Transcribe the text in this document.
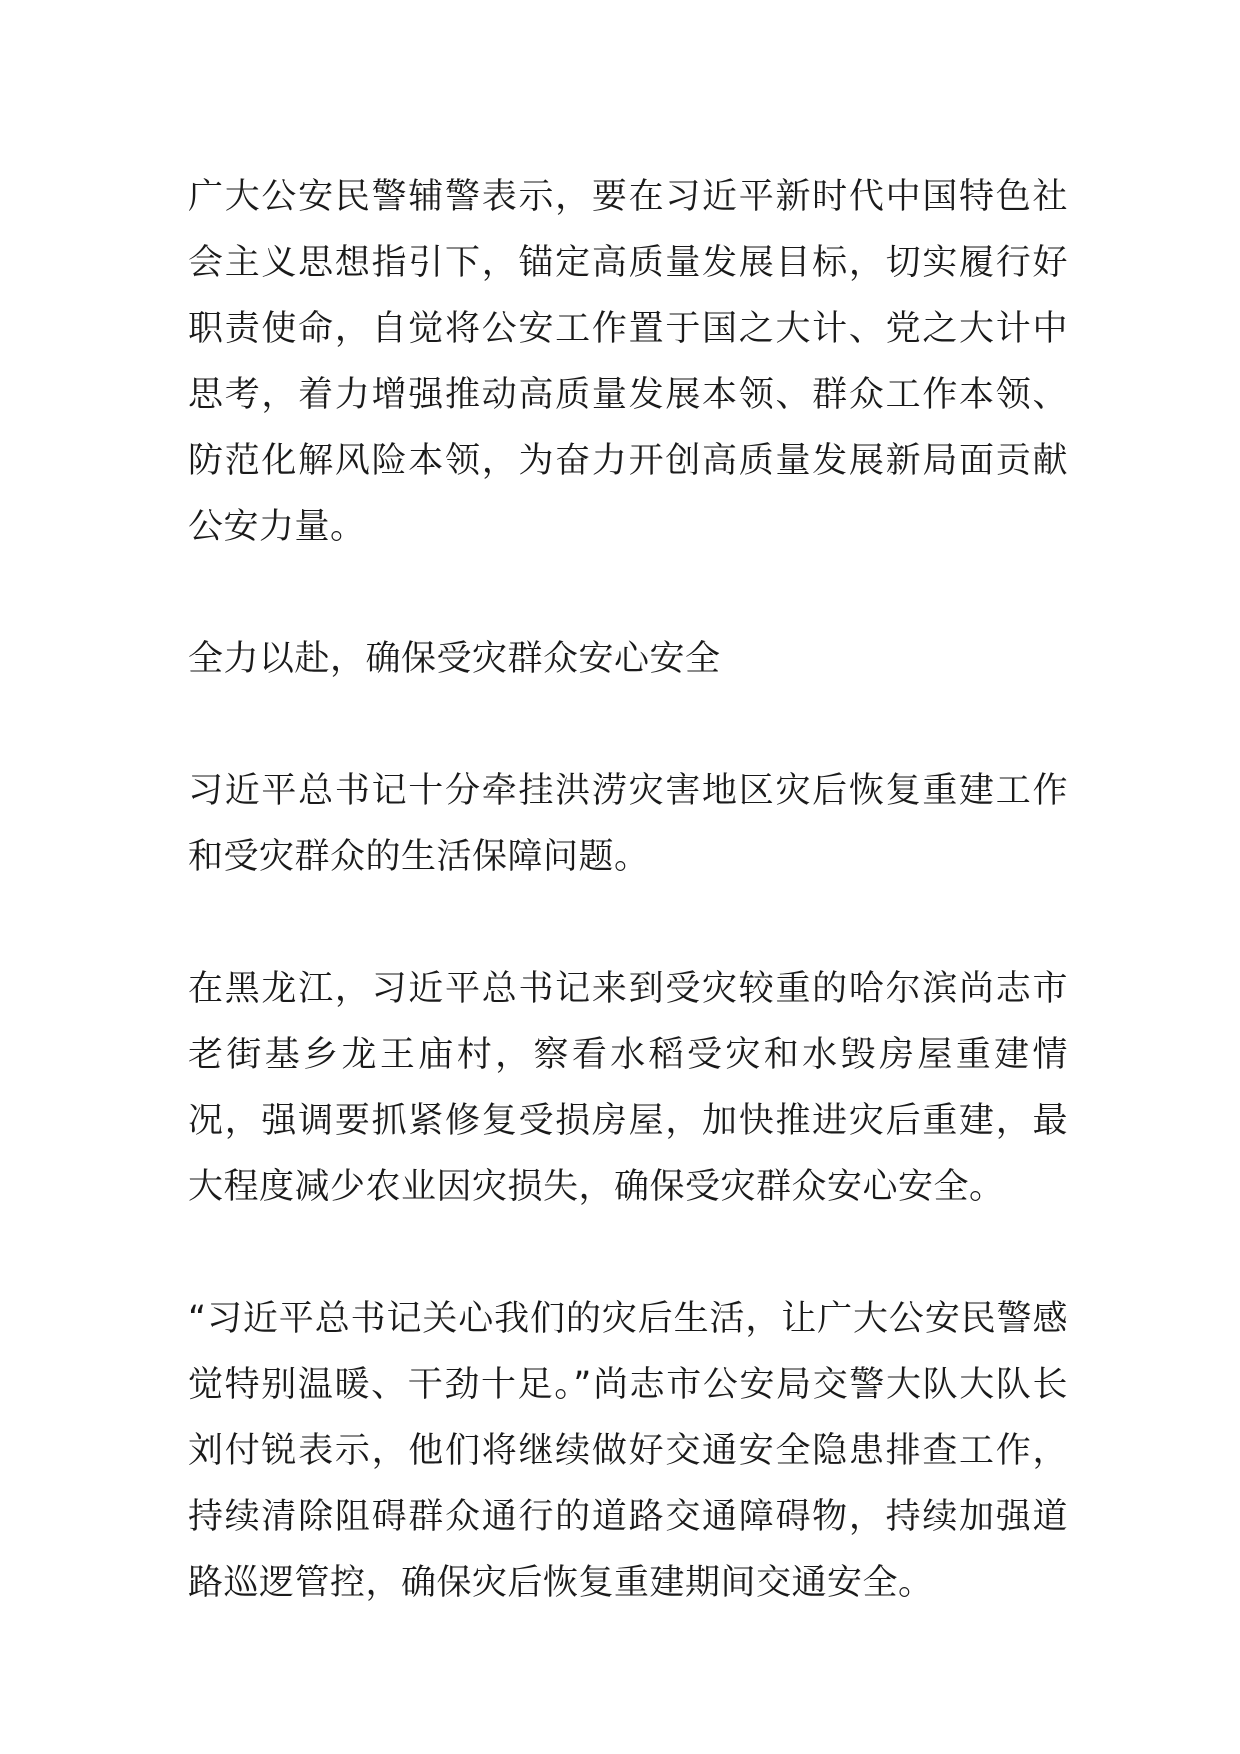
广大公安民警辅警表示，要在习近平新时代中国特色社会主义思想指引下，锚定高质量发展目标，切实履行好职责使命，自觉将公安工作置于国之大计、党之大计中思考，着力增强推动高质量发展本领、群众工作本领、防范化解风险本领，为奋力开创高质量发展新局面贡献公安力量。

全力以赴，确保受灾群众安心安全

习近平总书记十分牵挂洪涝灾害地区灾后恢复重建工作和受灾群众的生活保障问题。

在黑龙江，习近平总书记来到受灾较重的哈尔滨尚志市老街基乡龙王庙村，察看水稻受灾和水毁房屋重建情况，强调要抓紧修复受损房屋，加快推进灾后重建，最大程度减少农业因灾损失，确保受灾群众安心安全。

“习近平总书记关心我们的灾后生活，让广大公安民警感觉特别温暖、干劲十足。”尚志市公安局交警大队大队长刘付锐表示，他们将继续做好交通安全隐患排查工作，持续清除阻碍群众通行的道路交通障碍物，持续加强道路巡逻管控，确保灾后恢复重建期间交通安全。
